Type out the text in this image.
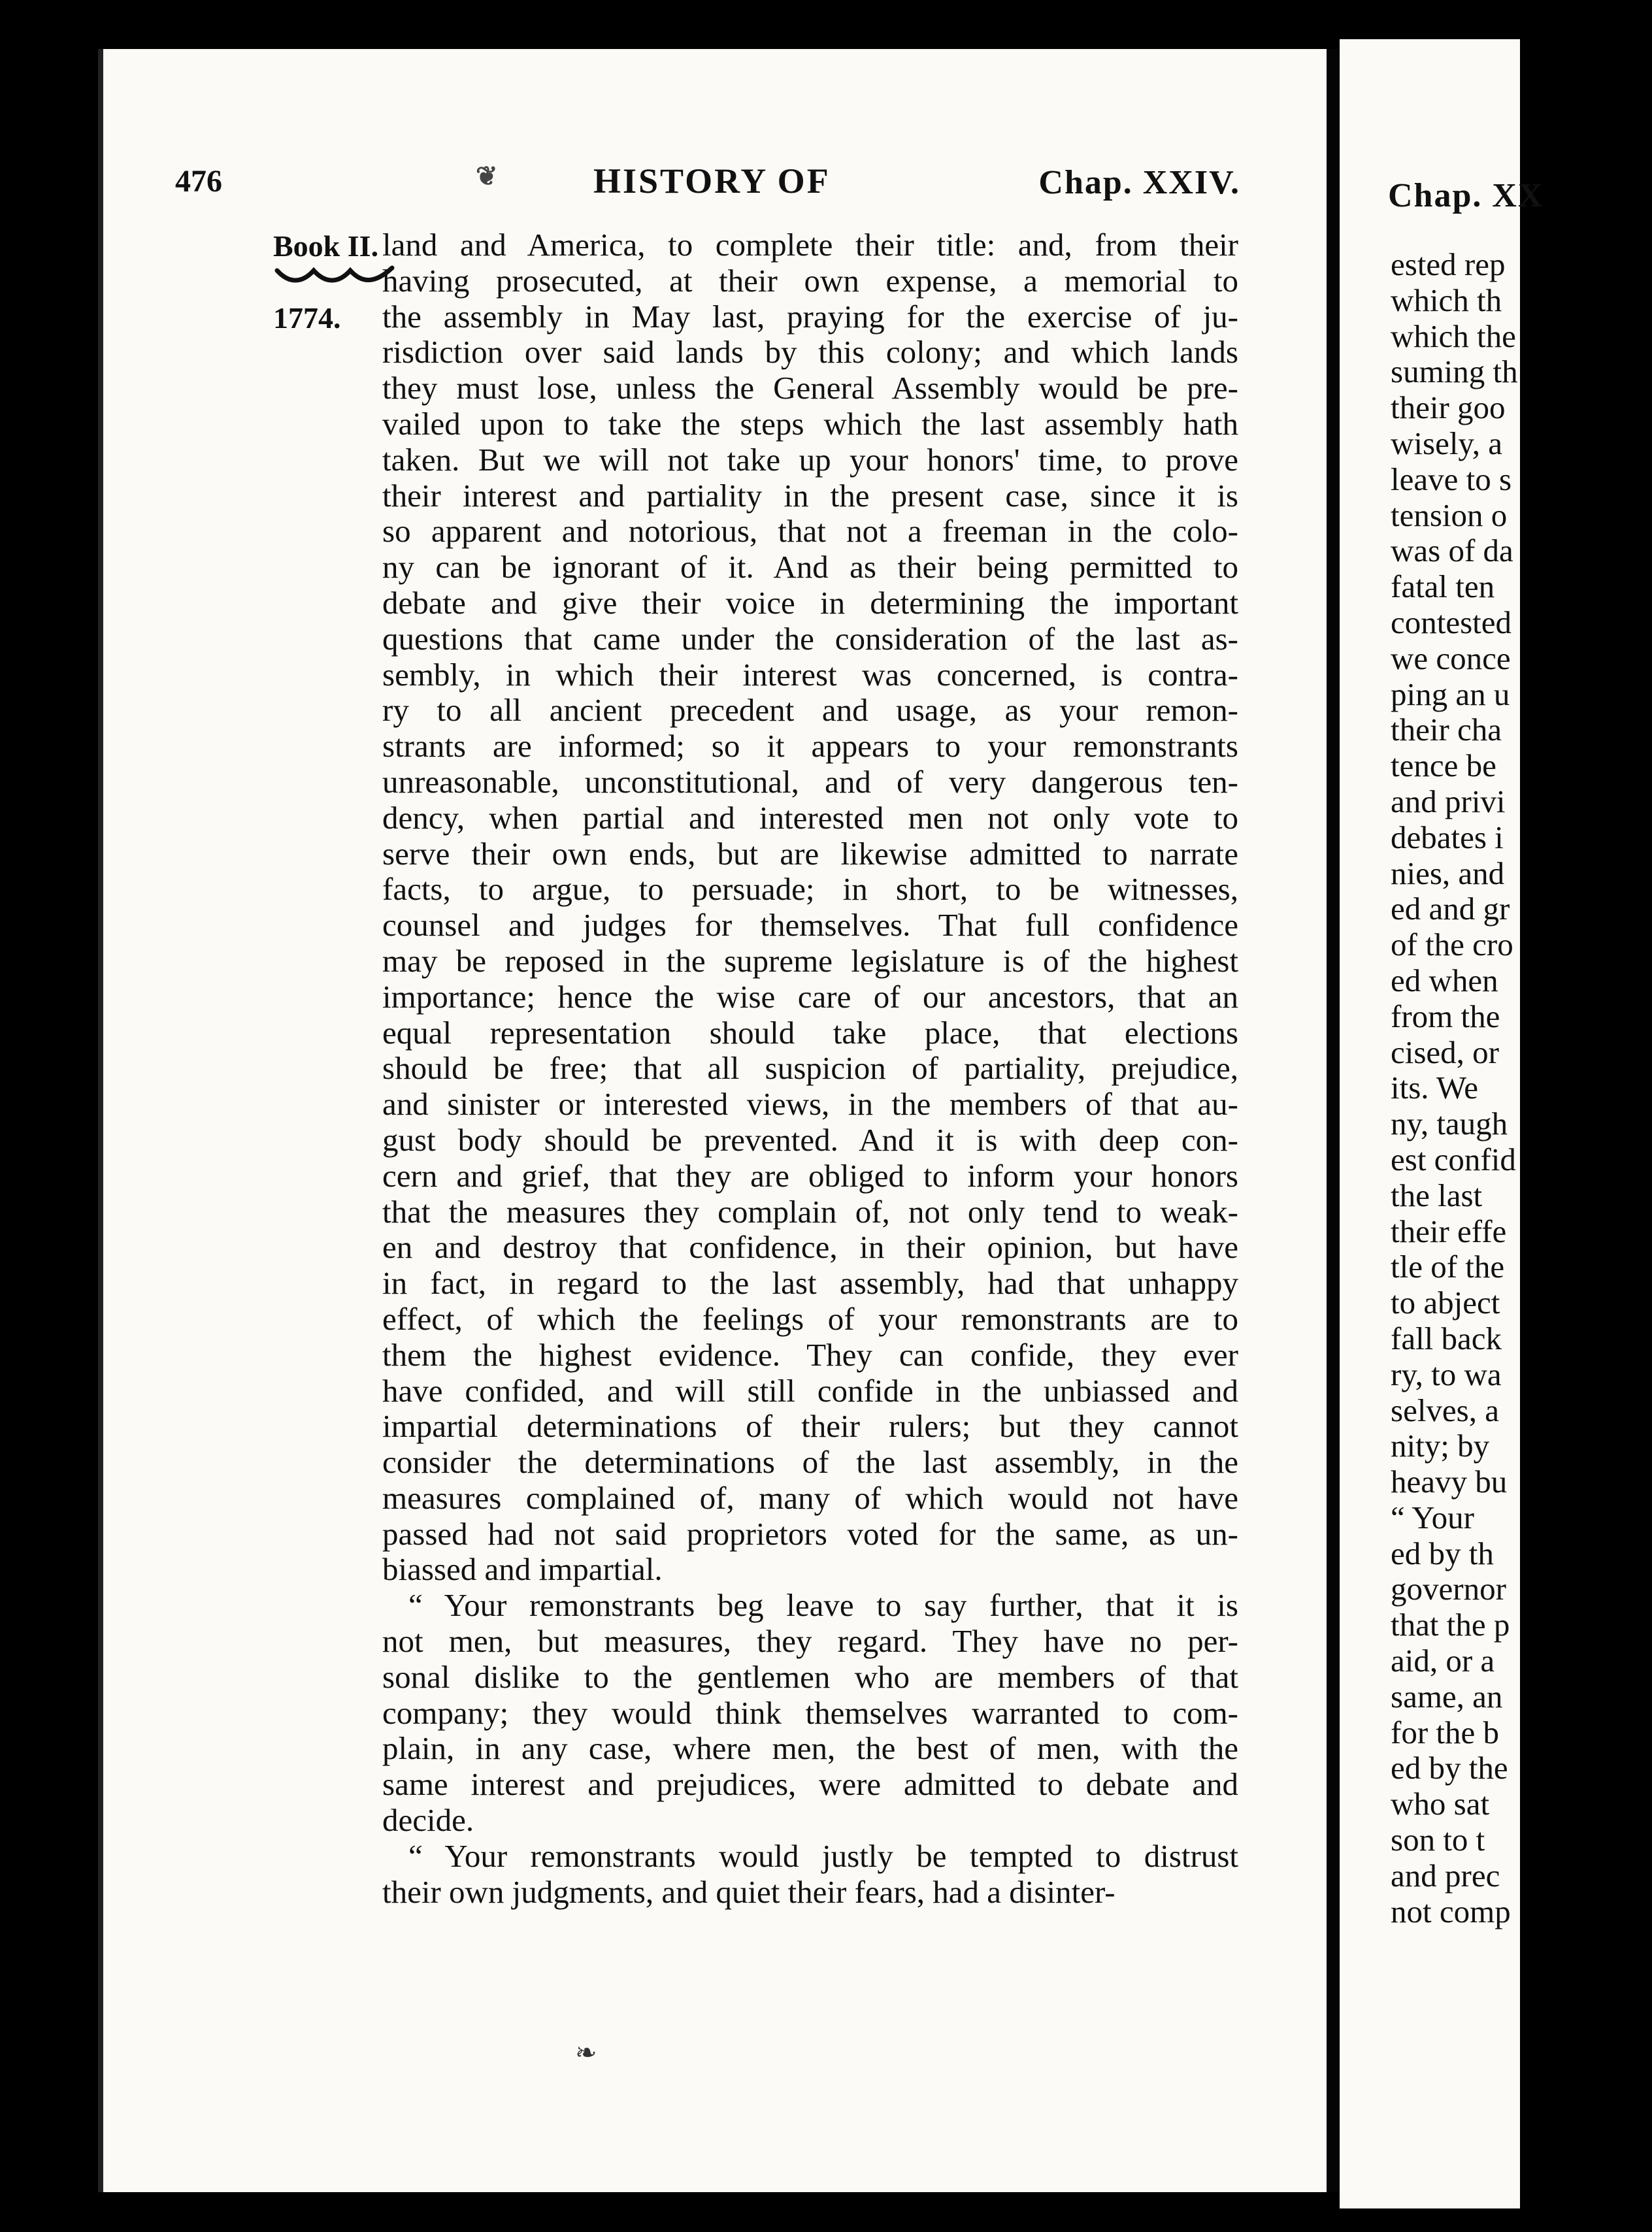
476	❦	HISTORY OF	Chap. XXIV.
Book II.
1774.
land and America, to complete their title: and, from their
having prosecuted, at their own expense, a memorial to
the assembly in May last, praying for the exercise of ju-
risdiction over said lands by this colony; and which lands
they must lose, unless the General Assembly would be pre-
vailed upon to take the steps which the last assembly hath
taken. But we will not take up your honors' time, to prove
their interest and partiality in the present case, since it is
so apparent and notorious, that not a freeman in the colo-
ny can be ignorant of it. And as their being permitted to
debate and give their voice in determining the important
questions that came under the consideration of the last as-
sembly, in which their interest was concerned, is contra-
ry to all ancient precedent and usage, as your remon-
strants are informed; so it appears to your remonstrants
unreasonable, unconstitutional, and of very dangerous ten-
dency, when partial and interested men not only vote to
serve their own ends, but are likewise admitted to narrate
facts, to argue, to persuade; in short, to be witnesses,
counsel and judges for themselves. That full confidence
may be reposed in the supreme legislature is of the highest
importance; hence the wise care of our ancestors, that an
equal representation should take place, that elections
should be free; that all suspicion of partiality, prejudice,
and sinister or interested views, in the members of that au-
gust body should be prevented. And it is with deep con-
cern and grief, that they are obliged to inform your honors
that the measures they complain of, not only tend to weak-
en and destroy that confidence, in their opinion, but have
in fact, in regard to the last assembly, had that unhappy
effect, of which the feelings of your remonstrants are to
them the highest evidence. They can confide, they ever
have confided, and will still confide in the unbiassed and
impartial determinations of their rulers; but they cannot
consider the determinations of the last assembly, in the
measures complained of, many of which would not have
passed had not said proprietors voted for the same, as un-
biassed and impartial.
“ Your remonstrants beg leave to say further, that it is
not men, but measures, they regard. They have no per-
sonal dislike to the gentlemen who are members of that
company; they would think themselves warranted to com-
plain, in any case, where men, the best of men, with the
same interest and prejudices, were admitted to debate and
decide.
“ Your remonstrants would justly be tempted to distrust
their own judgments, and quiet their fears, had a disinter-
❧
Chap. XX
ested rep
which th
which the
suming th
their goo
wisely, a
leave to s
tension o
was of da
fatal ten
contested
we conce
ping an u
their cha
tence be
and privi
debates i
nies, and
ed and gr
of the cro
ed when
from the
cised, or
its. We
ny, taugh
est confid
the last
their effe
tle of the
to abject
fall back
ry, to wa
selves, a
nity; by
heavy bu
“ Your
ed by th
governor
that the p
aid, or a
same, an
for the b
ed by the
who sat
son to t
and prec
not comp
